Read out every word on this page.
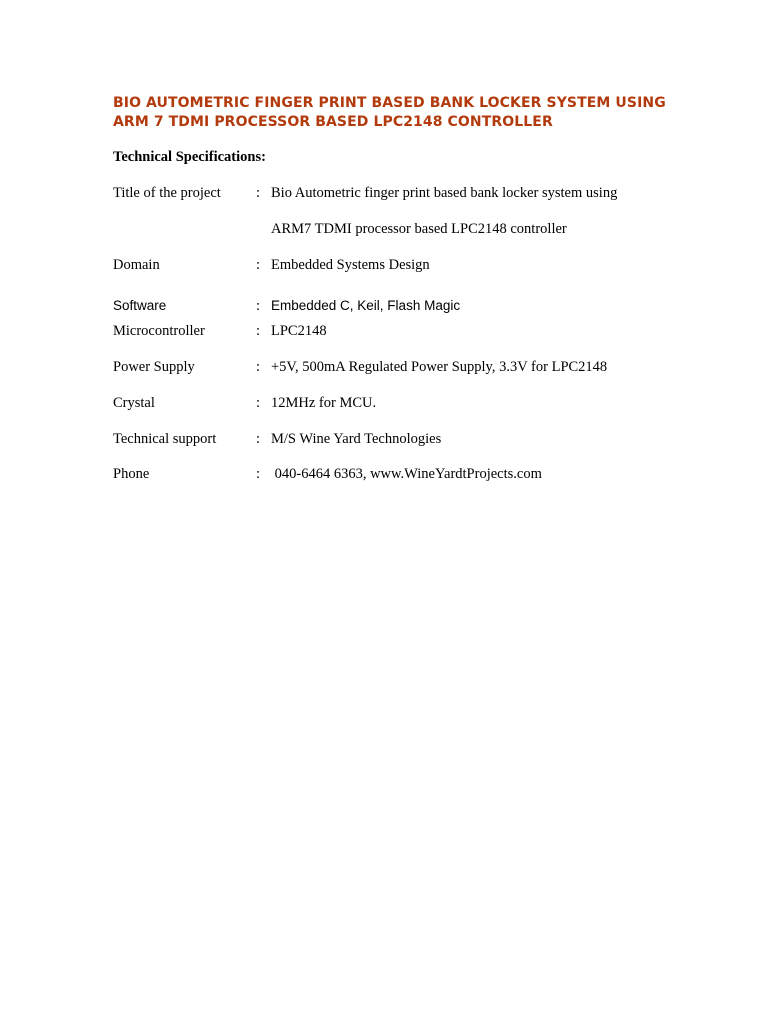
BIO AUTOMETRIC FINGER PRINT BASED BANK LOCKER SYSTEM USING
ARM 7 TDMI PROCESSOR BASED LPC2148 CONTROLLER
Technical Specifications:
Title of the project : Bio Autometric finger print based bank locker system using
ARM7 TDMI processor based LPC2148 controller
Domain	: Embedded Systems Design
Software	: Embedded C, Keil, Flash Magic
Microcontroller	: LPC2148
Power Supply	: +5V, 500mA Regulated Power Supply, 3.3V for LPC2148
Crystal	: 12MHz for MCU.
Technical support	: M/S Wine Yard Technologies
Phone	: 040-6464 6363, www.WineYardtProjects.com
